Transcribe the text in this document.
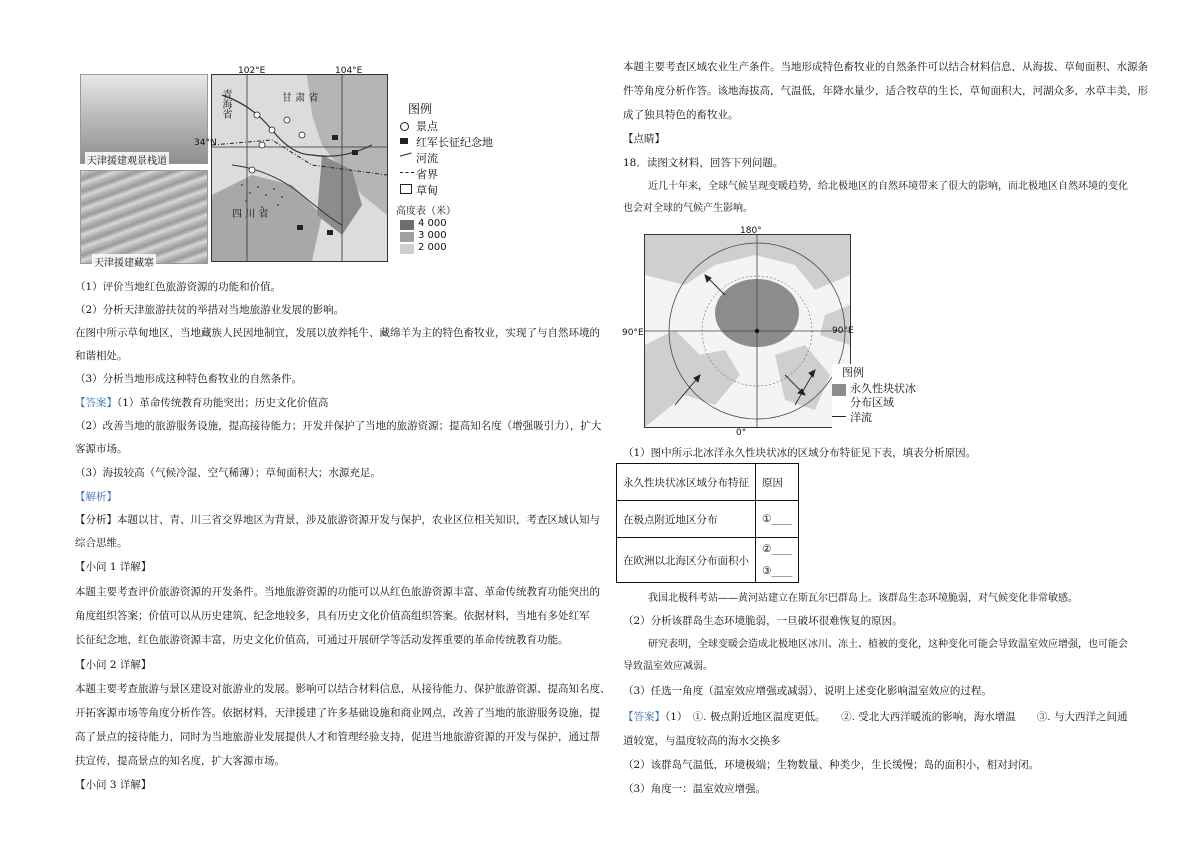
天津援建观景栈道
天津援建藏寨
青海省	甘 肃 省
四 川 省
102°E	104°E
34°N
图例
景点
红军长征纪念地
河流
省界
草甸
高度表（米）
4 000
3 000
2 000
（1）评价当地红色旅游资源的功能和价值。
（2）分析天津旅游扶贫的举措对当地旅游业发展的影响。
在图中所示草甸地区，当地藏族人民因地制宜，发展以放养牦牛、藏绵羊为主的特色畜牧业，实现了与自然环境的
和谐相处。
（3）分析当地形成这种特色畜牧业的自然条件。
【答案】（1）革命传统教育功能突出；历史文化价值高
（2）改善当地的旅游服务设施，提高接待能力；开发并保护了当地的旅游资源；提高知名度（增强吸引力），扩大
客源市场。
（3）海拔较高（气候冷湿、空气稀薄）；草甸面积大；水源充足。
【解析】
【分析】本题以甘、青、川三省交界地区为背景，涉及旅游资源开发与保护，农业区位相关知识，考查区域认知与
综合思维。
【小问 1 详解】
本题主要考查评价旅游资源的开发条件。当地旅游资源的功能可以从红色旅游资源丰富、革命传统教育功能突出的
角度组织答案；价值可以从历史建筑、纪念地较多，具有历史文化价值高组织答案。依据材料，当地有多处红军
长征纪念地，红色旅游资源丰富，历史文化价值高，可通过开展研学等活动发挥重要的革命传统教育功能。
【小问 2 详解】
本题主要考查旅游与景区建设对旅游业的发展。影响可以结合材料信息，从接待能力、保护旅游资源、提高知名度、
开拓客源市场等角度分析作答。依据材料，天津援建了许多基础设施和商业网点，改善了当地的旅游服务设施，提
高了景点的接待能力，同时为当地旅游业发展提供人才和管理经验支持，促进当地旅游资源的开发与保护，通过帮
扶宣传，提高景点的知名度，扩大客源市场。
【小问 3 详解】
本题主要考查区域农业生产条件。当地形成特色畜牧业的自然条件可以结合材料信息，从海拔、草甸面积、水源条
件等角度分析作答。该地海拔高，气温低，年降水量少，适合牧草的生长，草甸面积大，河湖众多，水草丰美，形
成了独具特色的畜牧业。
【点睛】
18．读图文材料，回答下列问题。
近几十年来，全球气候呈现变暖趋势，给北极地区的自然环境带来了很大的影响，而北极地区自然环境的变化
也会对全球的气候产生影响。
180°
90°E	90°E
0°
图例
永久性块状冰
分布区域
洋流
（1）图中所示北冰洋永久性块状冰的区域分布特征见下表，填表分析原因。
永久性块状冰区域分布特征	原因
在极点附近地区分布	①____
在欧洲以北海区分布面积小	②____
③____
我国北极科考站——黄河站建立在斯瓦尔巴群岛上。该群岛生态环境脆弱，对气候变化非常敏感。
（2）分析该群岛生态环境脆弱，一旦破坏很难恢复的原因。
研究表明，全球变暖会造成北极地区冰川、冻土、植被的变化，这种变化可能会导致温室效应增强，也可能会
导致温室效应减弱。
（3）任选一角度（温室效应增强或减弱），说明上述变化影响温室效应的过程。
【答案】（1）　①. 极点附近地区温度更低。　　②. 受北大西洋暖流的影响，海水增温　　③. 与大西洋之间通
道较宽，与温度较高的海水交换多
（2）该群岛气温低，环境极端；生物数量、种类少，生长缓慢；岛的面积小，相对封闭。
（3）角度一：温室效应增强。
